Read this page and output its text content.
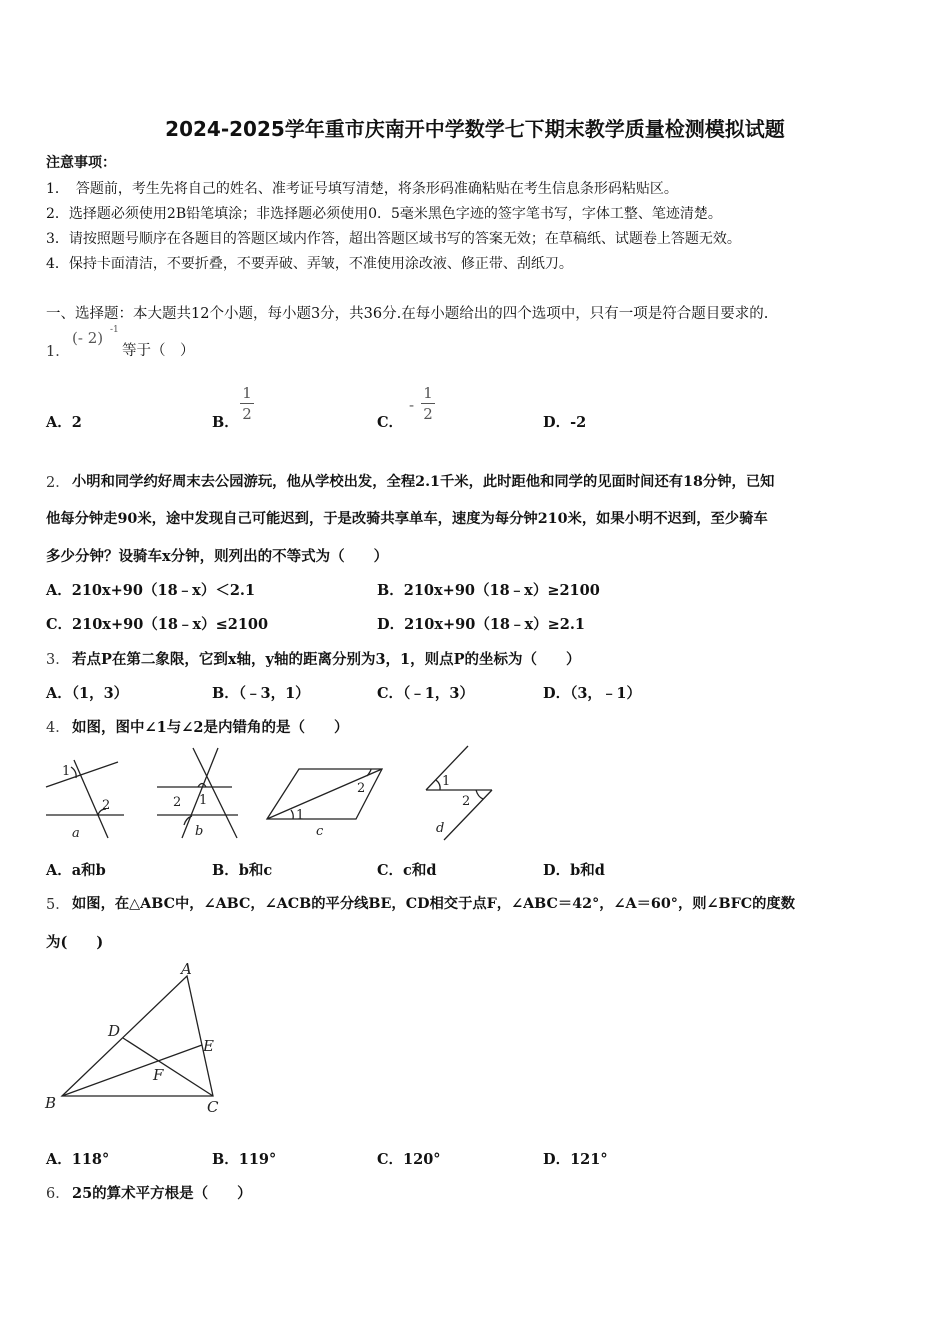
2024-2025学年重市庆南开中学数学七下期末教学质量检测模拟试题
注意事项：
1．　答题前，考生先将自己的姓名、准考证号填写清楚，将条形码准确粘贴在考生信息条形码粘贴区。
2．选择题必须使用2B铅笔填涂；非选择题必须使用0．5毫米黑色字迹的签字笔书写，字体工整、笔迹清楚。
3．请按照题号顺序在各题目的答题区域内作答，超出答题区域书写的答案无效；在草稿纸、试题卷上答题无效。
4．保持卡面清洁，不要折叠，不要弄破、弄皱，不准使用涂改液、修正带、刮纸刀。
一、选择题：本大题共12个小题，每小题3分，共36分.在每小题给出的四个选项中，只有一项是符合题目要求的.
1．
(- 2) -1
等于（　）
A．2	B．
1
2	C．
-
1
2	D．-2
2． 小明和同学约好周末去公园游玩，他从学校出发，全程2.1千米，此时距他和同学的见面时间还有18分钟，已知
他每分钟走90米，途中发现自己可能迟到，于是改骑共享单车，速度为每分钟210米，如果小明不迟到，至少骑车
多少分钟？设骑车x分钟，则列出的不等式为（　　）
A．210x+90（18﹣x）＜2.1	B．210x+90（18﹣x）≥2100
C．210x+90（18﹣x）≤2100	D．210x+90（18﹣x）≥2.1
3． 若点P在第二象限，它到x轴，y轴的距离分别为3，1，则点P的坐标为（　　）
A．（1，3）	B．（﹣3，1）	C．（﹣1，3）	D．（3，﹣1）
4． 如图，图中∠1与∠2是内错角的是（　　）
1
2
a
2 1
b
2
1
c
1
2
d
A．a和b	B．b和c	C．c和d	D．b和d
5． 如图，在△ABC中，∠ABC，∠ACB的平分线BE，CD相交于点F，∠ABC＝42°，∠A＝60°，则∠BFC的度数
为(　　)
A
D
E
F
B	C
A．118°	B．119°	C．120°	D．121°
6． 25的算术平方根是（　　）
